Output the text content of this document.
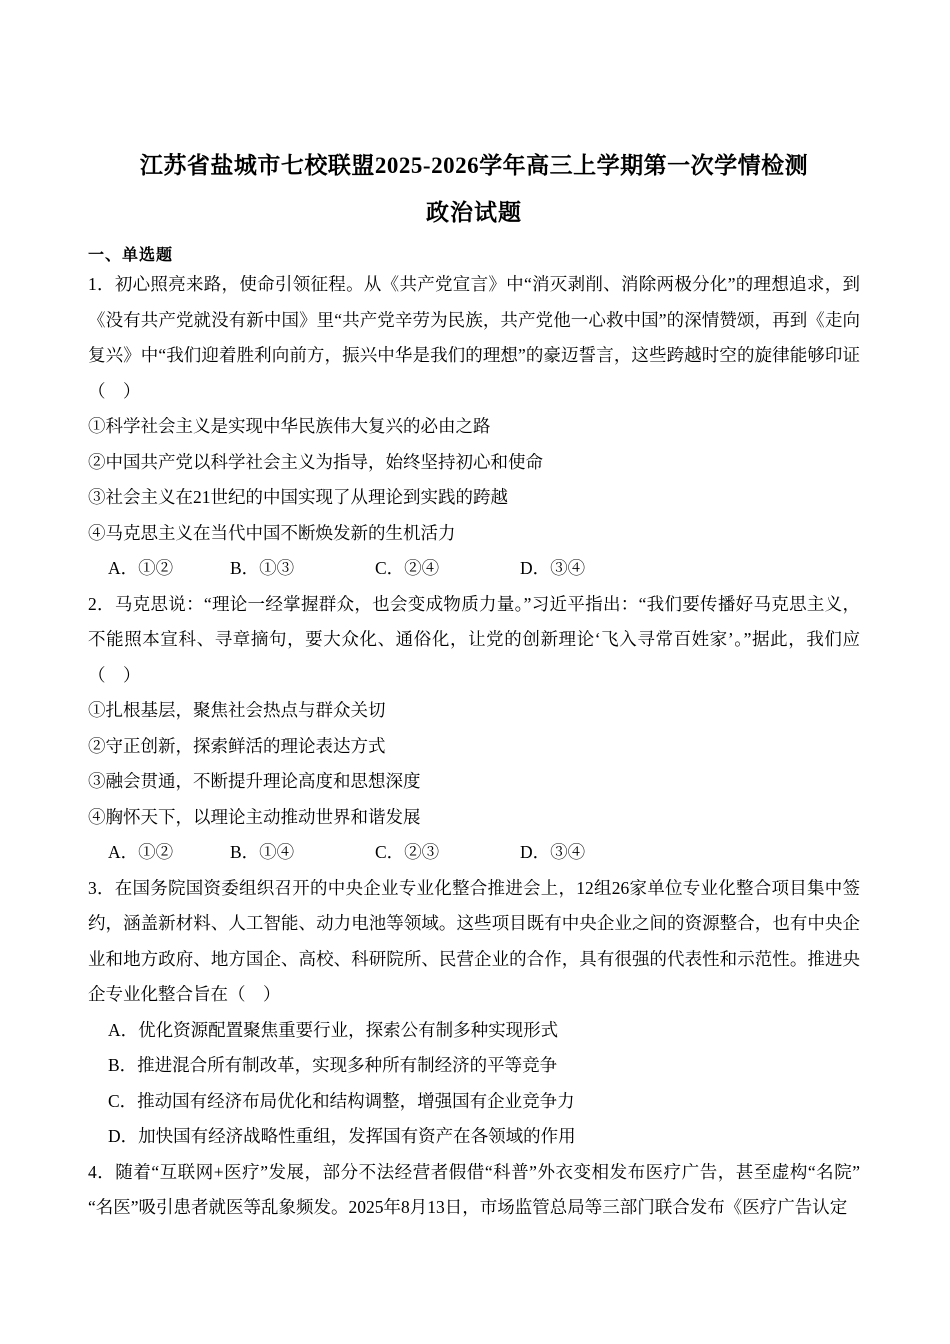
江苏省盐城市七校联盟2025-2026学年高三上学期第一次学情检测
政治试题
一、单选题

1．初心照亮来路，使命引领征程。从《共产党宣言》中“消灭剥削、消除两极分化”的理想追求，到《没有共产党就没有新中国》里“共产党辛劳为民族，共产党他一心救中国”的深情赞颂，再到《走向复兴》中“我们迎着胜利向前方，振兴中华是我们的理想”的豪迈誓言，这些跨越时空的旋律能够印证（　）

①科学社会主义是实现中华民族伟大复兴的必由之路

②中国共产党以科学社会主义为指导，始终坚持初心和使命

③社会主义在21世纪的中国实现了从理论到实践的跨越

④马克思主义在当代中国不断焕发新的生机活力

A．①②	B．①③	C．②④	D．③④

2．马克思说：“理论一经掌握群众，也会变成物质力量。”习近平指出：“我们要传播好马克思主义，不能照本宣科、寻章摘句，要大众化、通俗化，让党的创新理论‘飞入寻常百姓家’。”据此，我们应（　）

①扎根基层，聚焦社会热点与群众关切

②守正创新，探索鲜活的理论表达方式

③融会贯通，不断提升理论高度和思想深度

④胸怀天下，以理论主动推动世界和谐发展

A．①②	B．①④	C．②③	D．③④

3．在国务院国资委组织召开的中央企业专业化整合推进会上，12组26家单位专业化整合项目集中签约，涵盖新材料、人工智能、动力电池等领域。这些项目既有中央企业之间的资源整合，也有中央企业和地方政府、地方国企、高校、科研院所、民营企业的合作，具有很强的代表性和示范性。推进央企专业化整合旨在（　）

A．优化资源配置聚焦重要行业，探索公有制多种实现形式

B．推进混合所有制改革，实现多种所有制经济的平等竞争

C．推动国有经济布局优化和结构调整，增强国有企业竞争力

D．加快国有经济战略性重组，发挥国有资产在各领域的作用

4．随着“互联网+医疗”发展，部分不法经营者假借“科普”外衣变相发布医疗广告，甚至虚构“名院”“名医”吸引患者就医等乱象频发。2025年8月13日，市场监管总局等三部门联合发布《医疗广告认定
